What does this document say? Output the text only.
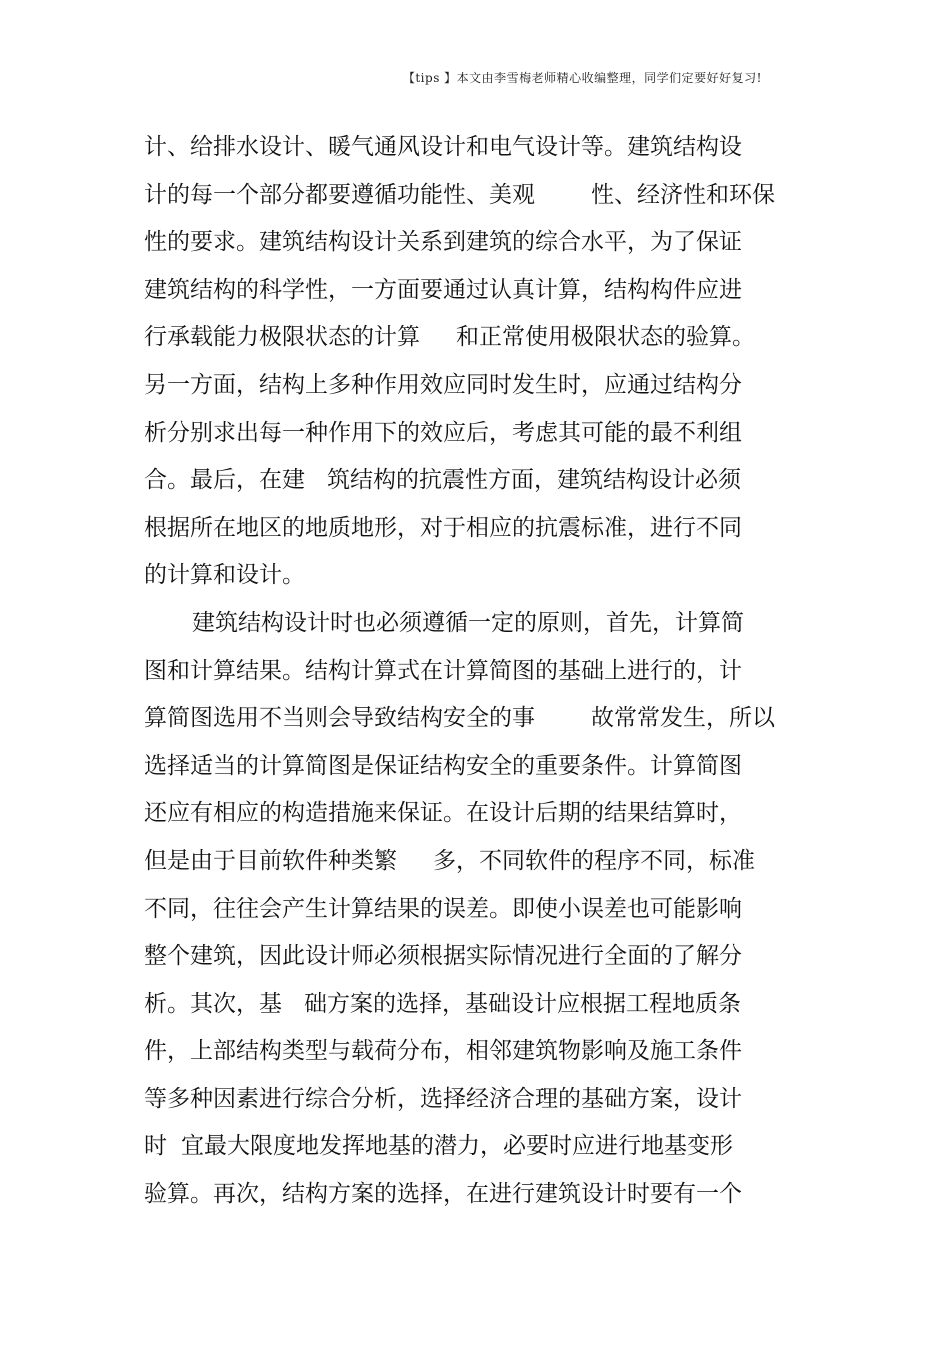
【tips 】本文由李雪梅老师精心收编整理，同学们定要好好复习!
计、给排水设计、暖气通风设计和电气设计等。建筑结构设
计的每一个部分都要遵循功能性、美观 性、经济性和环保
性的要求。建筑结构设计关系到建筑的综合水平，为了保证
建筑结构的科学性，一方面要通过认真计算，结构构件应进
行承载能力极限状态的计算 和正常使用极限状态的验算。
另一方面，结构上多种作用效应同时发生时，应通过结构分
析分别求出每一种作用下的效应后，考虑其可能的最不利组
合。最后，在建 筑结构的抗震性方面，建筑结构设计必须
根据所在地区的地质地形，对于相应的抗震标准，进行不同
的计算和设计。
建筑结构设计时也必须遵循一定的原则，首先，计算简
图和计算结果。结构计算式在计算简图的基础上进行的，计
算简图选用不当则会导致结构安全的事 故常常发生，所以
选择适当的计算简图是保证结构安全的重要条件。计算简图
还应有相应的构造措施来保证。在设计后期的结果结算时，
但是由于目前软件种类繁 多，不同软件的程序不同，标准
不同，往往会产生计算结果的误差。即使小误差也可能影响
整个建筑，因此设计师必须根据实际情况进行全面的了解分
析。其次，基 础方案的选择，基础设计应根据工程地质条
件，上部结构类型与载荷分布，相邻建筑物影响及施工条件
等多种因素进行综合分析，选择经济合理的基础方案，设计
时 宜最大限度地发挥地基的潜力，必要时应进行地基变形
验算。再次，结构方案的选择，在进行建筑设计时要有一个
